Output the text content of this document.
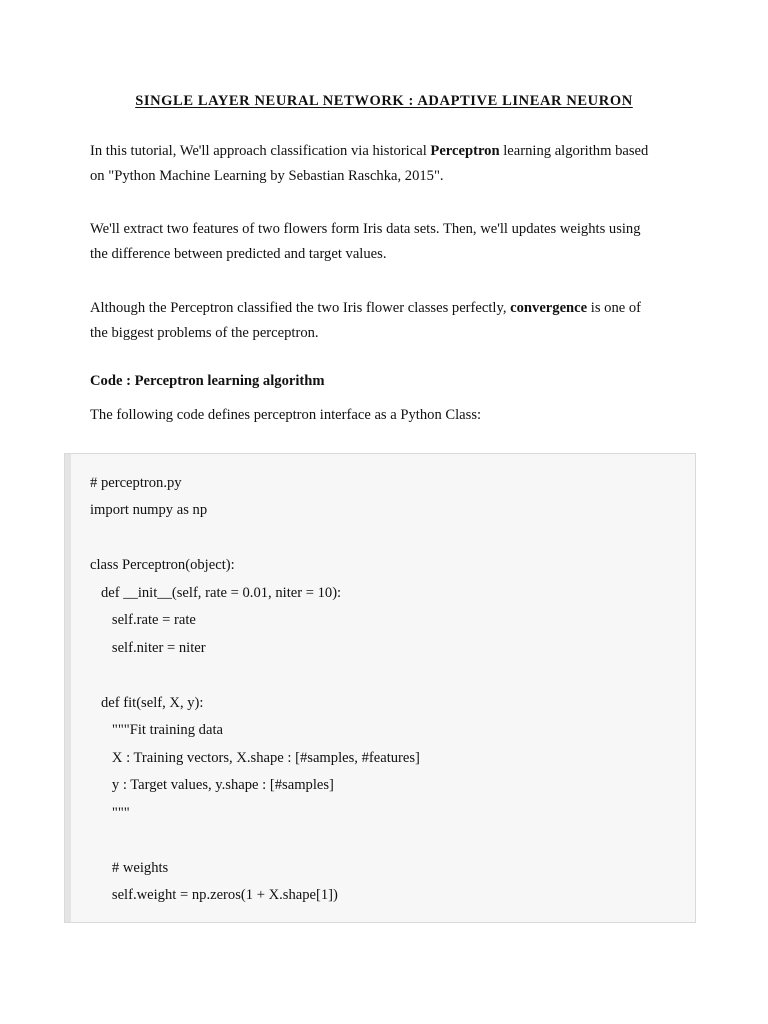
SINGLE LAYER NEURAL NETWORK : ADAPTIVE LINEAR NEURON
In this tutorial, We'll approach classification via historical Perceptron learning algorithm based
on "Python Machine Learning by Sebastian Raschka, 2015".
We'll extract two features of two flowers form Iris data sets. Then, we'll updates weights using
the difference between predicted and target values.
Although the Perceptron classified the two Iris flower classes perfectly, convergence is one of
the biggest problems of the perceptron.
Code : Perceptron learning algorithm
The following code defines perceptron interface as a Python Class:
# perceptron.py
import numpy as np
class Perceptron(object):
def __init__(self, rate = 0.01, niter = 10):
self.rate = rate
self.niter = niter
def fit(self, X, y):
"""Fit training data
X : Training vectors, X.shape : [#samples, #features]
y : Target values, y.shape : [#samples]
"""
# weights
self.weight = np.zeros(1 + X.shape[1])
